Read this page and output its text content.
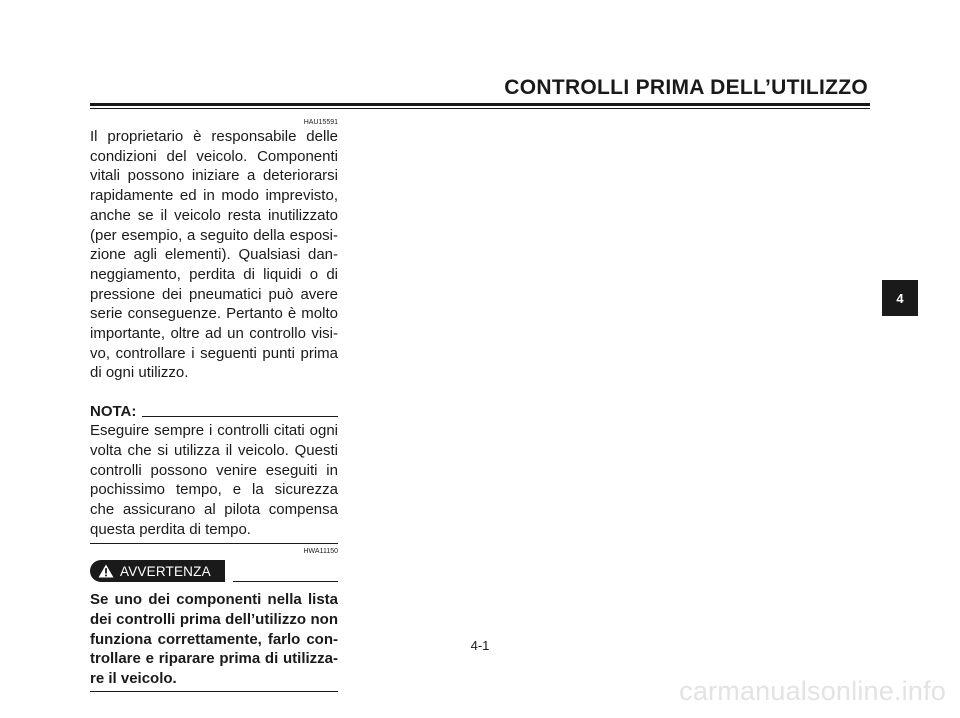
CONTROLLI PRIMA DELL’UTILIZZO

HAU15591

Il proprietario è responsabile delle condizioni del veicolo. Componenti vitali possono iniziare a deteriorarsi rapidamente ed in modo imprevisto, anche se il veicolo resta inutilizzato (per esempio, a seguito della esposi-zione agli elementi). Qualsiasi dan-neggiamento, perdita di liquidi o di pressione dei pneumatici può avere serie conseguenze. Pertanto è molto importante, oltre ad un controllo visi-vo, controllare i seguenti punti prima di ogni utilizzo.

NOTA:

Eseguire sempre i controlli citati ogni volta che si utilizza il veicolo. Questi controlli possono venire eseguiti in pochissimo tempo, e la sicurezza che assicurano al pilota compensa questa perdita di tempo.

HWA11150

AVVERTENZA

Se uno dei componenti nella lista dei controlli prima dell’utilizzo non funziona correttamente, farlo con-trollare e riparare prima di utilizza-re il veicolo.

4

4-1

carmanualsonline.info
